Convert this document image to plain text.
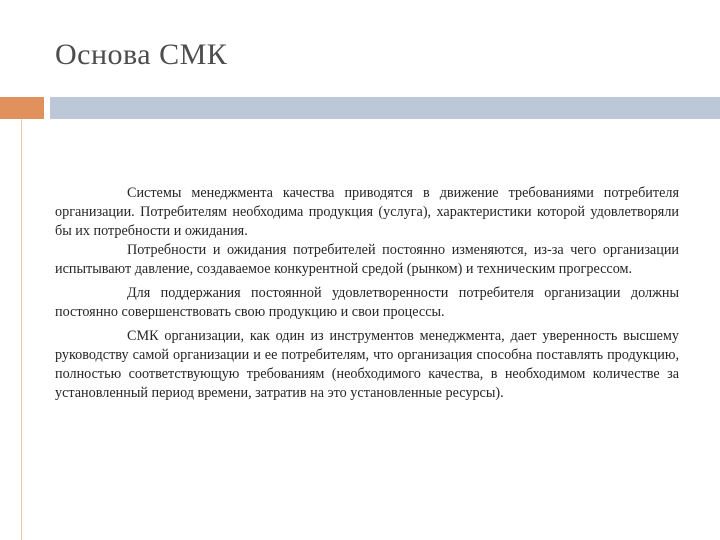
Основа СМК

Системы менеджмента качества приводятся в движение требованиями потребителя организации. Потребителям необходима продукция (услуга), характеристики которой удовлетворяли бы их потребности и ожидания.

Потребности и ожидания потребителей постоянно изменяются, из-за чего организации испытывают давление, создаваемое конкурентной средой (рынком) и техническим прогрессом.

Для поддержания постоянной удовлетворенности потребителя организации должны постоянно совершенствовать свою продукцию и свои процессы.

СМК организации, как один из инструментов менеджмента, дает уверенность высшему руководству самой организации и ее потребителям, что организация способна поставлять продукцию, полностью соответствующую требованиям (необходимого качества, в необходимом количестве за установленный период времени, затратив на это установленные ресурсы).
